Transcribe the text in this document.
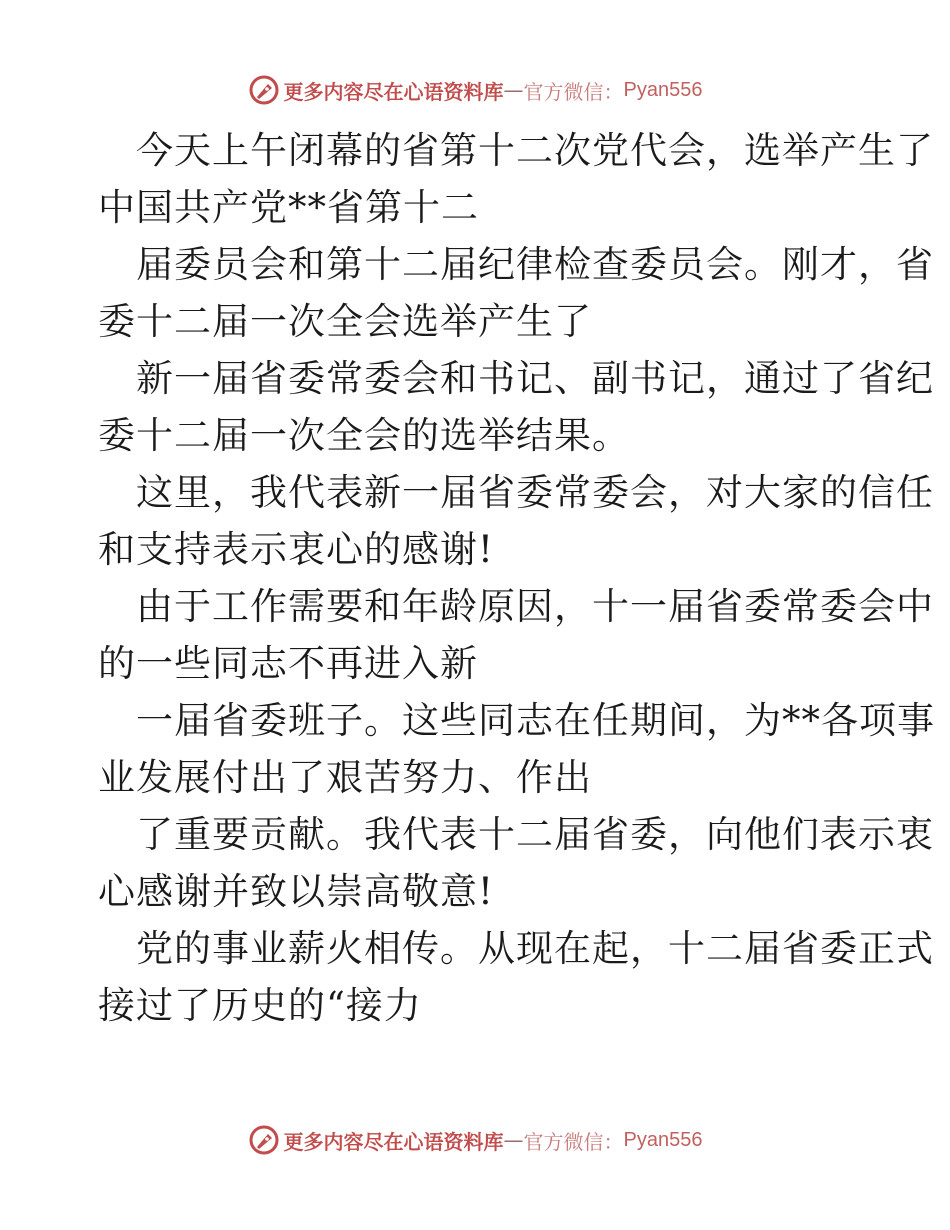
更多内容尽在心语资料库 — 官方微信： Pyan556
今天上午闭幕的省第十二次党代会，选举产生了
中国共产党**省第十二
届委员会和第十二届纪律检查委员会。刚才，省
委十二届一次全会选举产生了
新一届省委常委会和书记、副书记，通过了省纪
委十二届一次全会的选举结果。
这里，我代表新一届省委常委会，对大家的信任
和支持表示衷心的感谢!
由于工作需要和年龄原因，十一届省委常委会中
的一些同志不再进入新
一届省委班子。这些同志在任期间，为**各项事
业发展付出了艰苦努力、作出
了重要贡献。我代表十二届省委，向他们表示衷
心感谢并致以崇高敬意!
党的事业薪火相传。从现在起，十二届省委正式
接过了历史的“接力
更多内容尽在心语资料库 — 官方微信： Pyan556
